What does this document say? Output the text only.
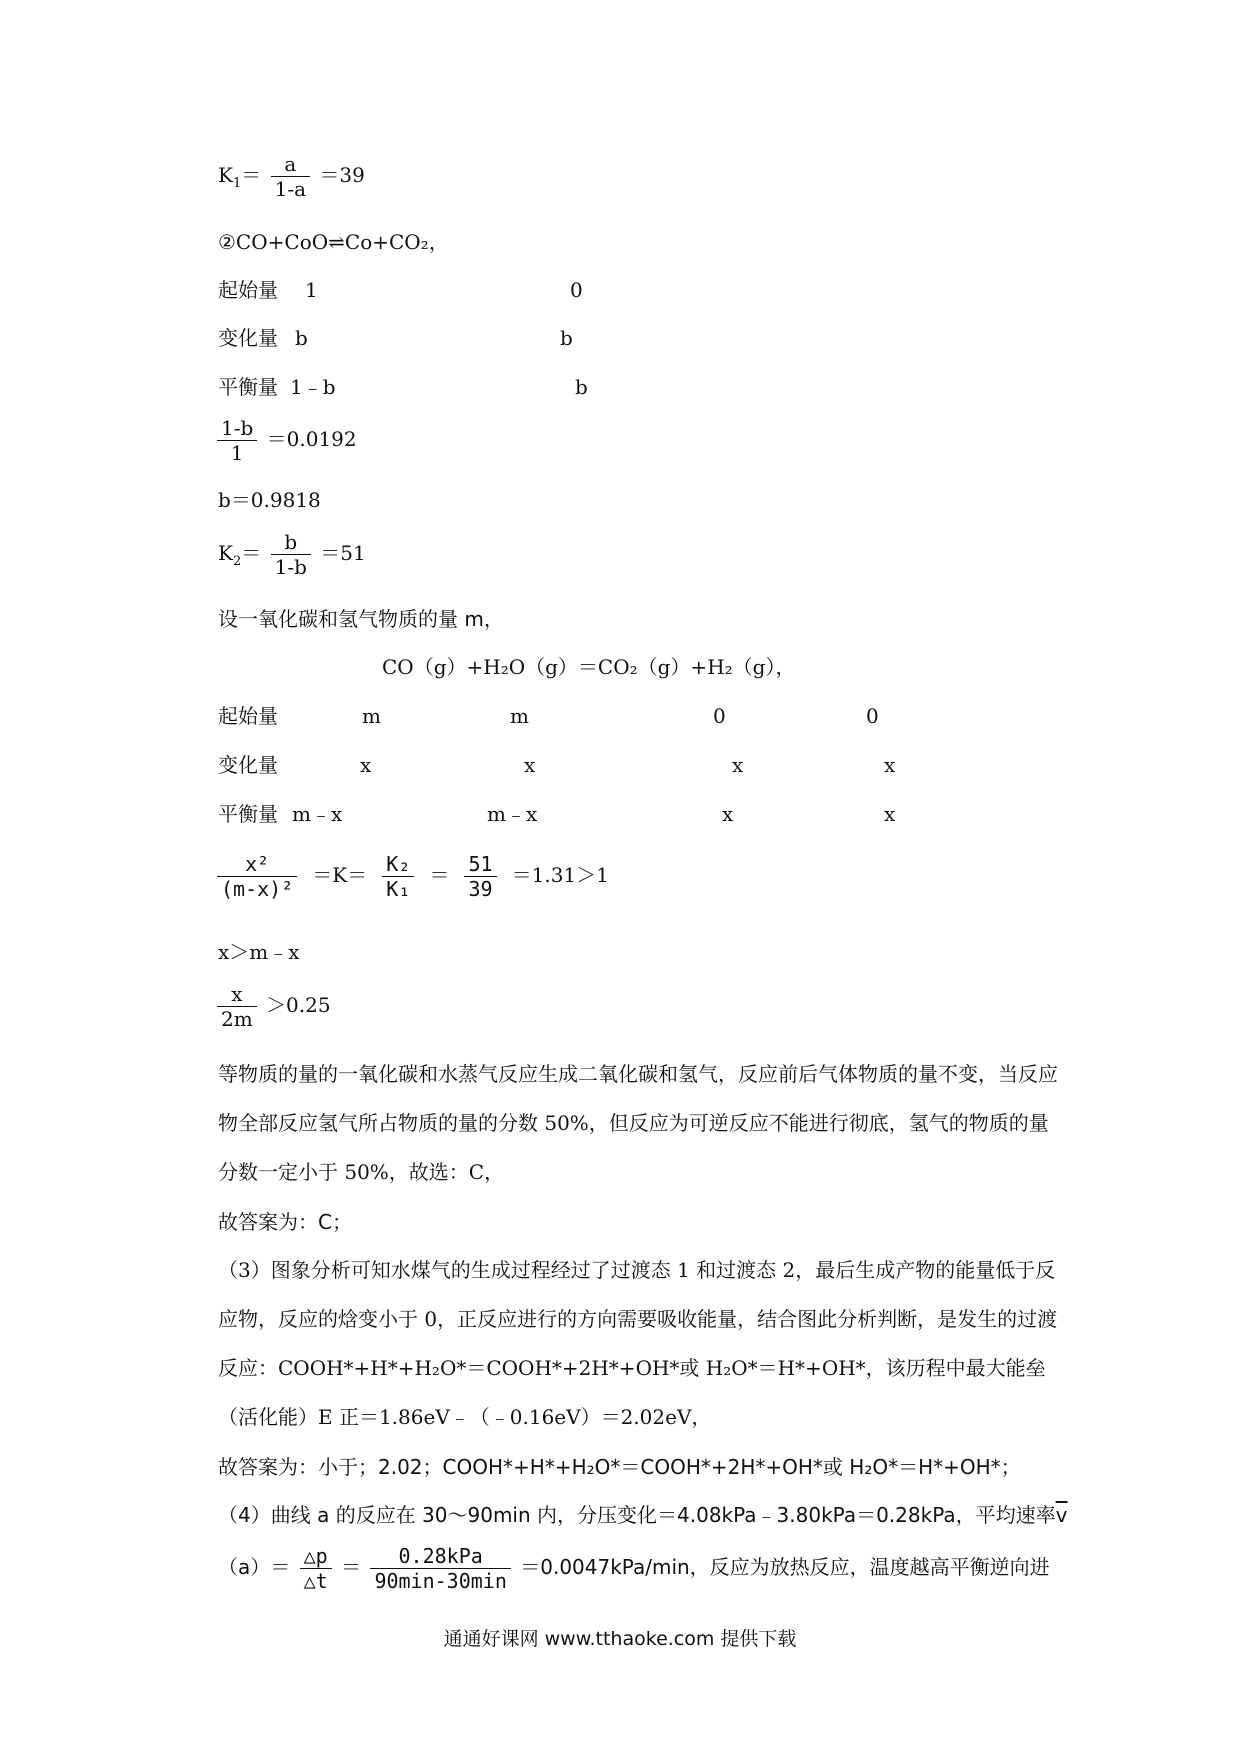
$K_1= \frac{a}{1-a} =39$
②CO+CoO⇌Co+CO₂，
起始量 1	0
变化量 b	b
平衡量 1﹣b	b
$\frac{1-b}{1} =0.0192$
b＝0.9818
$K_2= \frac{b}{1-b} =51$
设一氧化碳和氢气物质的量 m，
CO（g）+H₂O（g）＝CO₂（g）+H₂（g），
起始量	m	m	0	0
变化量	x	x	x	x
平衡量 m﹣x	m﹣x	x	x
$\frac{\text{x²}}{\text{(m-x)²}} =K= \frac{\text{K₂}}{\text{K₁}} = \frac{51}{39} =1.31>1$
x＞m﹣x
$\frac{x}{2m} >0.25$
等物质的量的一氧化碳和水蒸气反应生成二氧化碳和氢气，反应前后气体物质的量不变，当反应物全部反应氢气所占物质的量的分数 50%，但反应为可逆反应不能进行彻底，氢气的物质的量分数一定小于 50%，故选：C，
故答案为：C；
（3）图象分析可知水煤气的生成过程经过了过渡态 1 和过渡态 2，最后生成产物的能量低于反应物，反应的焓变小于 0，正反应进行的方向需要吸收能量，结合图此分析判断，是发生的过渡反应：COOH*+H*+H₂O*＝COOH*+2H*+OH*或 H₂O*＝H*+OH*，该历程中最大能垒（活化能）E 正＝1.86eV﹣（﹣0.16eV）＝2.02eV，
故答案为：小于；2.02；COOH*+H*+H₂O*＝COOH*+2H*+OH*或 H₂O*＝H*+OH*；
（4）曲线 a 的反应在 30～90min 内，分压变化＝4.08kPa﹣3.80kPa＝0.28kPa，平均速率$\overline{v}$
$(a)= \frac{\triangle p}{\triangle t} = \frac{\text{0.28kPa}}{90\min-30\min} =0.0047kPa/\min$，反应为放热反应，温度越高平衡逆向进
通通好课网 www.tthaoke.com 提供下载
